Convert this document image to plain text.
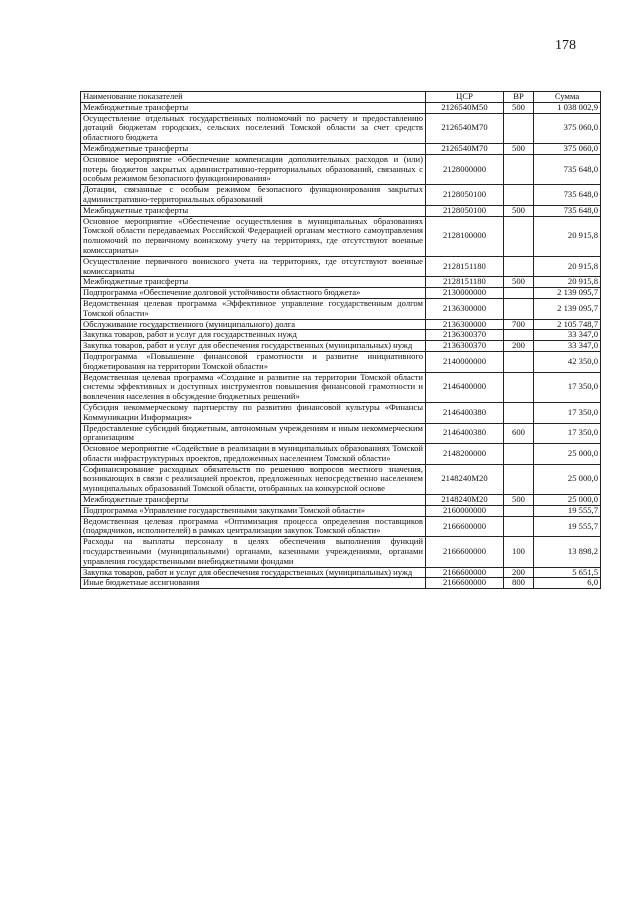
178
Наименование показателей	ЦСР	ВР	Сумма
Межбюджетные трансферты	2126540М50	500	1 038 002,9
Осуществление отдельных государственных полномочий по расчету и предоставлению дотаций бюджетам городских, сельских поселений Томской области за счет средств областного бюджета	2126540М70		375 060,0
Межбюджетные трансферты	2126540М70	500	375 060,0
Основное мероприятие «Обеспечение компенсации дополнительных расходов и (или) потерь бюджетов закрытых административно-территориальных образований, связанных с особым режимом безопасного функционирования»	2128000000		735 648,0
Дотации, связанные с особым режимом безопасного функционирования закрытых административно-территориальных образований	2128050100		735 648,0
Межбюджетные трансферты	2128050100	500	735 648,0
Основное мероприятие «Обеспечение осуществления в муниципальных образованиях Томской области передаваемых Российской Федерацией органам местного самоуправления полномочий по первичному воинскому учету на территориях, где отсутствуют военные комиссариаты»	2128100000		20 915,8
Осуществление первичного воинского учета на территориях, где отсутствуют военные комиссариаты	2128151180		20 915,8
Межбюджетные трансферты	2128151180	500	20 915,8
Подпрограмма «Обеспечение долговой устойчивости областного бюджета»	2130000000		2 139 095,7
Ведомственная целевая программа «Эффективное управление государственным долгом Томской области»	2136300000		2 139 095,7
Обслуживание государственного (муниципального) долга	2136300000	700	2 105 748,7
Закупка товаров, работ и услуг для государственных нужд	2136300370		33 347,0
Закупка товаров, работ и услуг для обеспечения государственных (муниципальных) нужд	2136300370	200	33 347,0
Подпрограмма «Повышение финансовой грамотности и развитие инициативного бюджетирования на территории Томской области»	2140000000		42 350,0
Ведомственная целевая программа «Создание и развитие на территории Томской области системы эффективных и доступных инструментов повышения финансовой грамотности и вовлечения населения в обсуждение бюджетных решений»	2146400000		17 350,0
Субсидия некоммерческому партнерству по развитию финансовой культуры «Финансы Коммуникации Информация»	2146400380		17 350,0
Предоставление субсидий бюджетным, автономным учреждениям и иным некоммерческим организациям	2146400380	600	17 350,0
Основное мероприятие «Содействие в реализации в муниципальных образованиях Томской области инфраструктурных проектов, предложенных населением Томской области»	2148200000		25 000,0
Софинансирование расходных обязательств по решению вопросов местного значения, возникающих в связи с реализацией проектов, предложенных непосредственно населением муниципальных образований Томской области, отобранных на конкурсной основе	2148240М20		25 000,0
Межбюджетные трансферты	2148240М20	500	25 000,0
Подпрограмма «Управление государственными закупками Томской области»	2160000000		19 555,7
Ведомственная целевая программа «Оптимизация процесса определения поставщиков (подрядчиков, исполнителей) в рамках централизации закупок Томской области»	2166600000		19 555,7
Расходы на выплаты персоналу в целях обеспечения выполнения функций государственными (муниципальными) органами, казенными учреждениями, органами управления государственными внебюджетными фондами	2166600000	100	13 898,2
Закупка товаров, работ и услуг для обеспечения государственных (муниципальных) нужд	2166600000	200	5 651,5
Иные бюджетные ассигнования	2166600000	800	6,0
